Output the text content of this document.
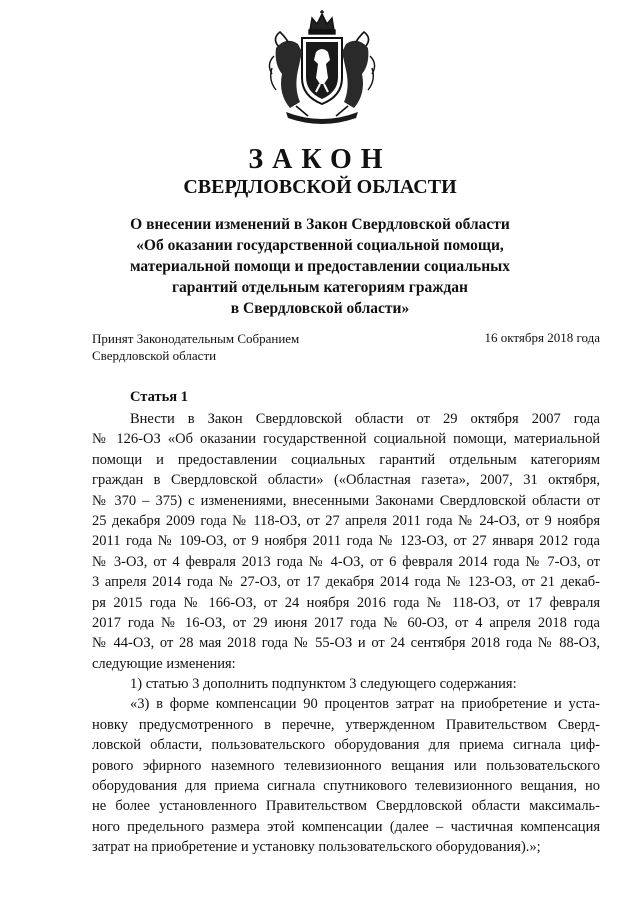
ЗАКОН
СВЕРДЛОВСКОЙ ОБЛАСТИ
О внесении изменений в Закон Свердловской области
«Об оказании государственной социальной помощи,
материальной помощи и предоставлении социальных
гарантий отдельным категориям граждан
в Свердловской области»
Принят Законодательным Собранием
Свердловской области
16 октября 2018 года
Статья 1
Внести в Закон Свердловской области от 29 октября 2007 года
№ 126-ОЗ «Об оказании государственной социальной помощи, материальной
помощи и предоставлении социальных гарантий отдельным категориям
граждан в Свердловской области» («Областная газета», 2007, 31 октября,
№ 370 – 375) с изменениями, внесенными Законами Свердловской области от
25 декабря 2009 года № 118-ОЗ, от 27 апреля 2011 года № 24-ОЗ, от 9 ноября
2011 года № 109-ОЗ, от 9 ноября 2011 года № 123-ОЗ, от 27 января 2012 года
№ 3-ОЗ, от 4 февраля 2013 года № 4-ОЗ, от 6 февраля 2014 года № 7-ОЗ, от
3 апреля 2014 года № 27-ОЗ, от 17 декабря 2014 года № 123-ОЗ, от 21 декаб-
ря 2015 года № 166-ОЗ, от 24 ноября 2016 года № 118-ОЗ, от 17 февраля
2017 года № 16-ОЗ, от 29 июня 2017 года № 60-ОЗ, от 4 апреля 2018 года
№ 44-ОЗ, от 28 мая 2018 года № 55-ОЗ и от 24 сентября 2018 года № 88-ОЗ,
следующие изменения:
1) статью 3 дополнить подпунктом 3 следующего содержания:
«3) в форме компенсации 90 процентов затрат на приобретение и уста-
новку предусмотренного в перечне, утвержденном Правительством Сверд-
ловской области, пользовательского оборудования для приема сигнала циф-
рового эфирного наземного телевизионного вещания или пользовательского
оборудования для приема сигнала спутникового телевизионного вещания, но
не более установленного Правительством Свердловской области максималь-
ного предельного размера этой компенсации (далее – частичная компенсация
затрат на приобретение и установку пользовательского оборудования).»;
